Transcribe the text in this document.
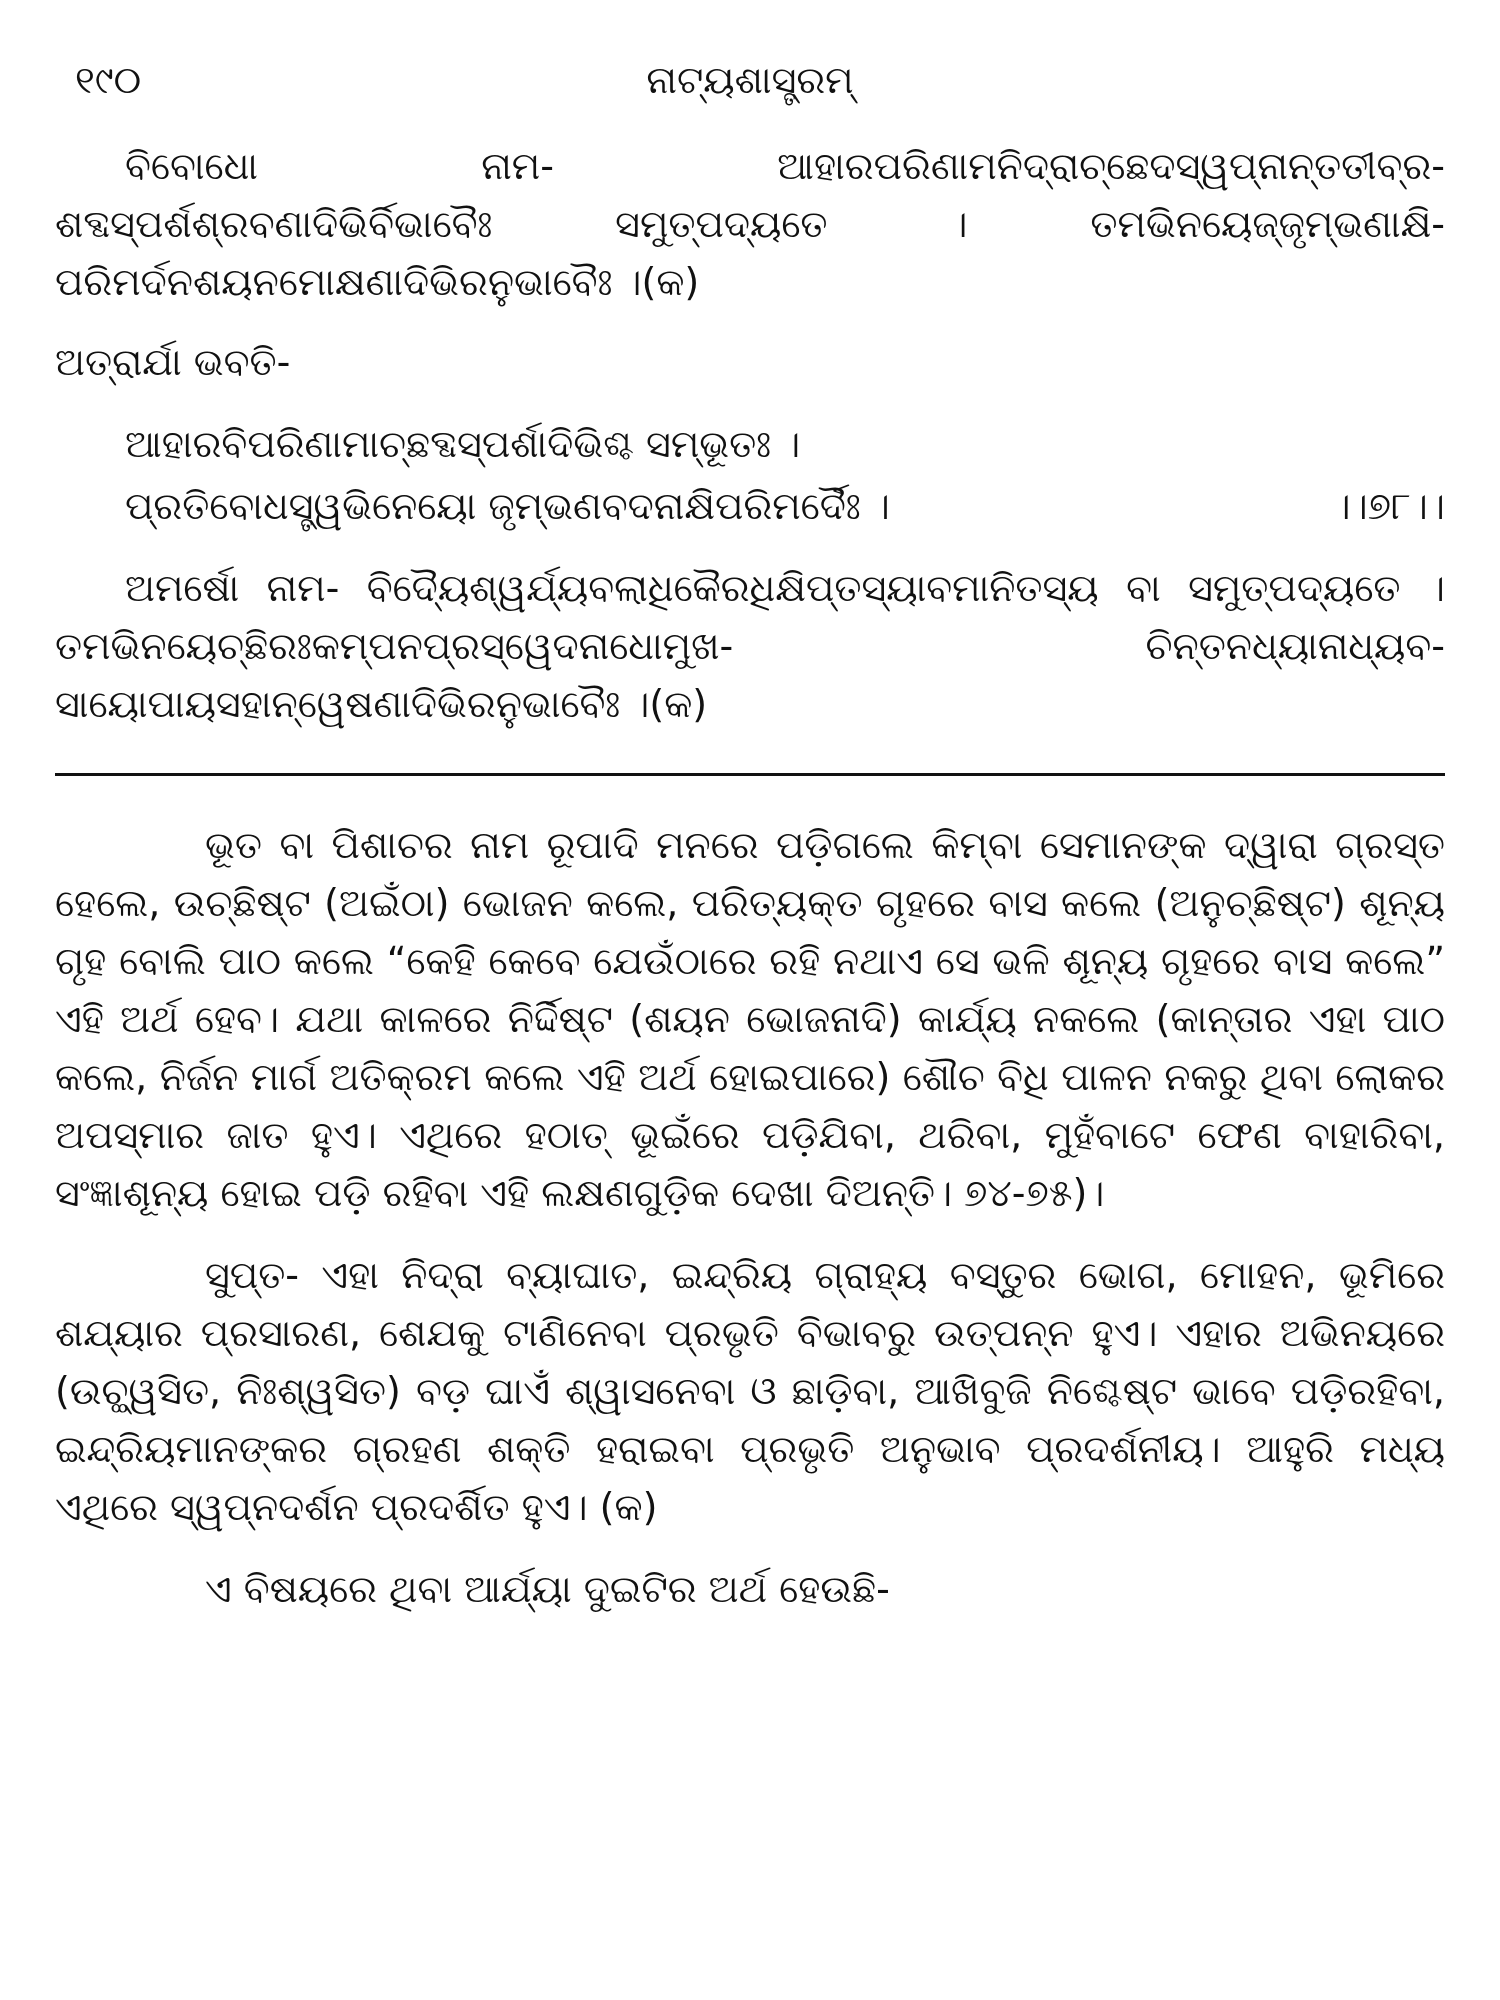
୧୯୦	ନାଟ୍ୟଶାସ୍ତ୍ରମ୍

ବିବୋଧୋ ନାମ- ଆହାରପରିଣାମନିଦ୍ରାଚ୍ଛେଦସ୍ୱପ୍ନାନ୍ତତୀବ୍ର- ଶବ୍ଦସ୍ପର୍ଶଶ୍ରବଣାଦିଭିର୍ବିଭାବୈଃ ସମୁତ୍ପଦ୍ୟତେ । ତମଭିନୟେଜ୍ଜୃମ୍ଭଣାକ୍ଷି- ପରିମର୍ଦନଶୟନମୋକ୍ଷଣାଦିଭିରନୁଭାବୈଃ ।(କ)

ଅତ୍ରାର୍ଯା ଭବତି-

ଆହାରବିପରିଣାମାଚ୍ଛବ୍ଦସ୍ପର୍ଶାଦିଭିଶ୍ଚ ସମ୍ଭୂତଃ ।
ପ୍ରତିବୋଧସ୍ତ୍ୱଭିନେୟୋ ଜୃମ୍ଭଣବଦନାକ୍ଷିପରିମର୍ଦୈଃ ।	।।୭୮।।

ଅମର୍ଷୋ ନାମ- ବିଦ୍ୟୈଶ୍ୱର୍ଯ୍ୟବଲାଧିକୈରଧିକ୍ଷିପ୍ତସ୍ୟାବମାନିତସ୍ୟ ବା ସମୁତ୍ପଦ୍ୟତେ । ତମଭିନୟେଚ୍ଛିରଃକମ୍ପନପ୍ରସ୍ୱେଦନାଧୋମୁଖ- ଚିନ୍ତନଧ୍ୟାନାଧ୍ୟବ- ସାୟୋପାୟସହାନ୍ୱେଷଣାଦିଭିରନୁଭାବୈଃ ।(କ)

ଭୂତ ବା ପିଶାଚର ନାମ ରୂପାଦି ମନରେ ପଡ଼ିଗଲେ କିମ୍ବା ସେମାନଙ୍କ ଦ୍ୱାରା ଗ୍ରସ୍ତ ହେଲେ, ଉଚ୍ଛିଷ୍ଟ (ଅଇଁଠା) ଭୋଜନ କଲେ, ପରିତ୍ୟକ୍ତ ଗୃହରେ ବାସ କଲେ (ଅନୁଚ୍ଛିଷ୍ଟ) ଶୂନ୍ୟ ଗୃହ ବୋଲି ପାଠ କଲେ “କେହି କେବେ ଯେଉଁଠାରେ ରହି ନଥାଏ ସେ ଭଳି ଶୂନ୍ୟ ଗୃହରେ ବାସ କଲେ” ଏହି ଅର୍ଥ ହେବ। ଯଥା କାଳରେ ନିର୍ଦ୍ଦିଷ୍ଟ (ଶୟନ ଭୋଜନାଦି) କାର୍ଯ୍ୟ ନକଲେ (କାନ୍ତାର ଏହା ପାଠ କଲେ, ନିର୍ଜନ ମାର୍ଗ ଅତିକ୍ରମ କଲେ ଏହି ଅର୍ଥ ହୋଇପାରେ) ଶୌଚ ବିଧି ପାଳନ ନକରୁ ଥିବା ଲୋକର ଅପସ୍ମାର ଜାତ ହୁଏ। ଏଥିରେ ହଠାତ୍ ଭୂଇଁରେ ପଡ଼ିଯିବା, ଥରିବା, ମୁହଁବାଟେ ଫେଣ ବାହାରିବା, ସଂଜ୍ଞାଶୂନ୍ୟ ହୋଇ ପଡ଼ି ରହିବା ଏହି ଲକ୍ଷଣଗୁଡ଼ିକ ଦେଖା ଦିଅନ୍ତି। ୭୪-୭୫)।

ସୁପ୍ତ- ଏହା ନିଦ୍ରା ବ୍ୟାଘାତ, ଇନ୍ଦ୍ରିୟ ଗ୍ରାହ୍ୟ ବସ୍ତୁର ଭୋଗ, ମୋହନ, ଭୂମିରେ ଶଯ୍ୟାର ପ୍ରସାରଣ, ଶେଯକୁ ଟାଣିନେବା ପ୍ରଭୃତି ବିଭାବରୁ ଉତ୍ପନ୍ନ ହୁଏ। ଏହାର ଅଭିନୟରେ (ଉଚ୍ଛ୍ୱସିତ, ନିଃଶ୍ୱସିତ) ବଡ଼ ଘାଏଁ ଶ୍ୱାସନେବା ଓ ଛାଡ଼ିବା, ଆଖିବୁଜି ନିଶ୍ଚେଷ୍ଟ ଭାବେ ପଡ଼ିରହିବା, ଇନ୍ଦ୍ରିୟମାନଙ୍କର ଗ୍ରହଣ ଶକ୍ତି ହରାଇବା ପ୍ରଭୃତି ଅନୁଭାବ ପ୍ରଦର୍ଶନୀୟ। ଆହୁରି ମଧ୍ୟ ଏଥିରେ ସ୍ୱପ୍ନଦର୍ଶନ ପ୍ରଦର୍ଶିତ ହୁଏ। (କ)

ଏ ବିଷୟରେ ଥିବା ଆର୍ଯ୍ୟା ଦୁଇଟିର ଅର୍ଥ ହେଉଛି-
